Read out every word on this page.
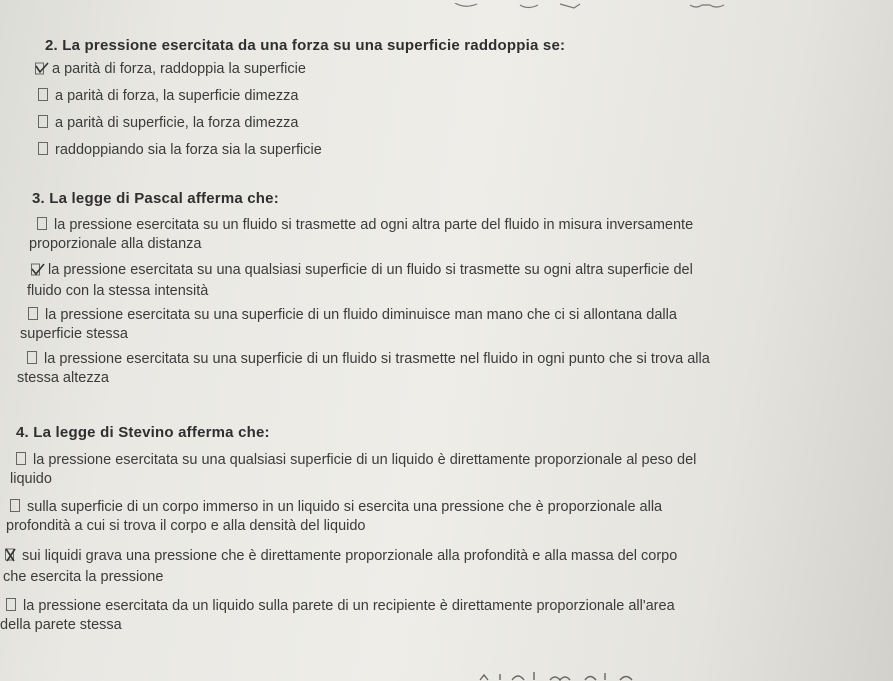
2. La pressione esercitata da una forza su una superficie raddoppia se:
a parità di forza, raddoppia la superficie
a parità di forza, la superficie dimezza
a parità di superficie, la forza dimezza
raddoppiando sia la forza sia la superficie
3. La legge di Pascal afferma che:
la pressione esercitata su un fluido si trasmette ad ogni altra parte del fluido in misura inversamente
proporzionale alla distanza
la pressione esercitata su una qualsiasi superficie di un fluido si trasmette su ogni altra superficie del
fluido con la stessa intensità
la pressione esercitata su una superficie di un fluido diminuisce man mano che ci si allontana dalla
superficie stessa
la pressione esercitata su una superficie di un fluido si trasmette nel fluido in ogni punto che si trova alla
stessa altezza
4. La legge di Stevino afferma che:
la pressione esercitata su una qualsiasi superficie di un liquido è direttamente proporzionale al peso del
liquido
sulla superficie di un corpo immerso in un liquido si esercita una pressione che è proporzionale alla
profondità a cui si trova il corpo e alla densità del liquido
sui liquidi grava una pressione che è direttamente proporzionale alla profondità e alla massa del corpo
che esercita la pressione
la pressione esercitata da un liquido sulla parete di un recipiente è direttamente proporzionale all'area
della parete stessa
